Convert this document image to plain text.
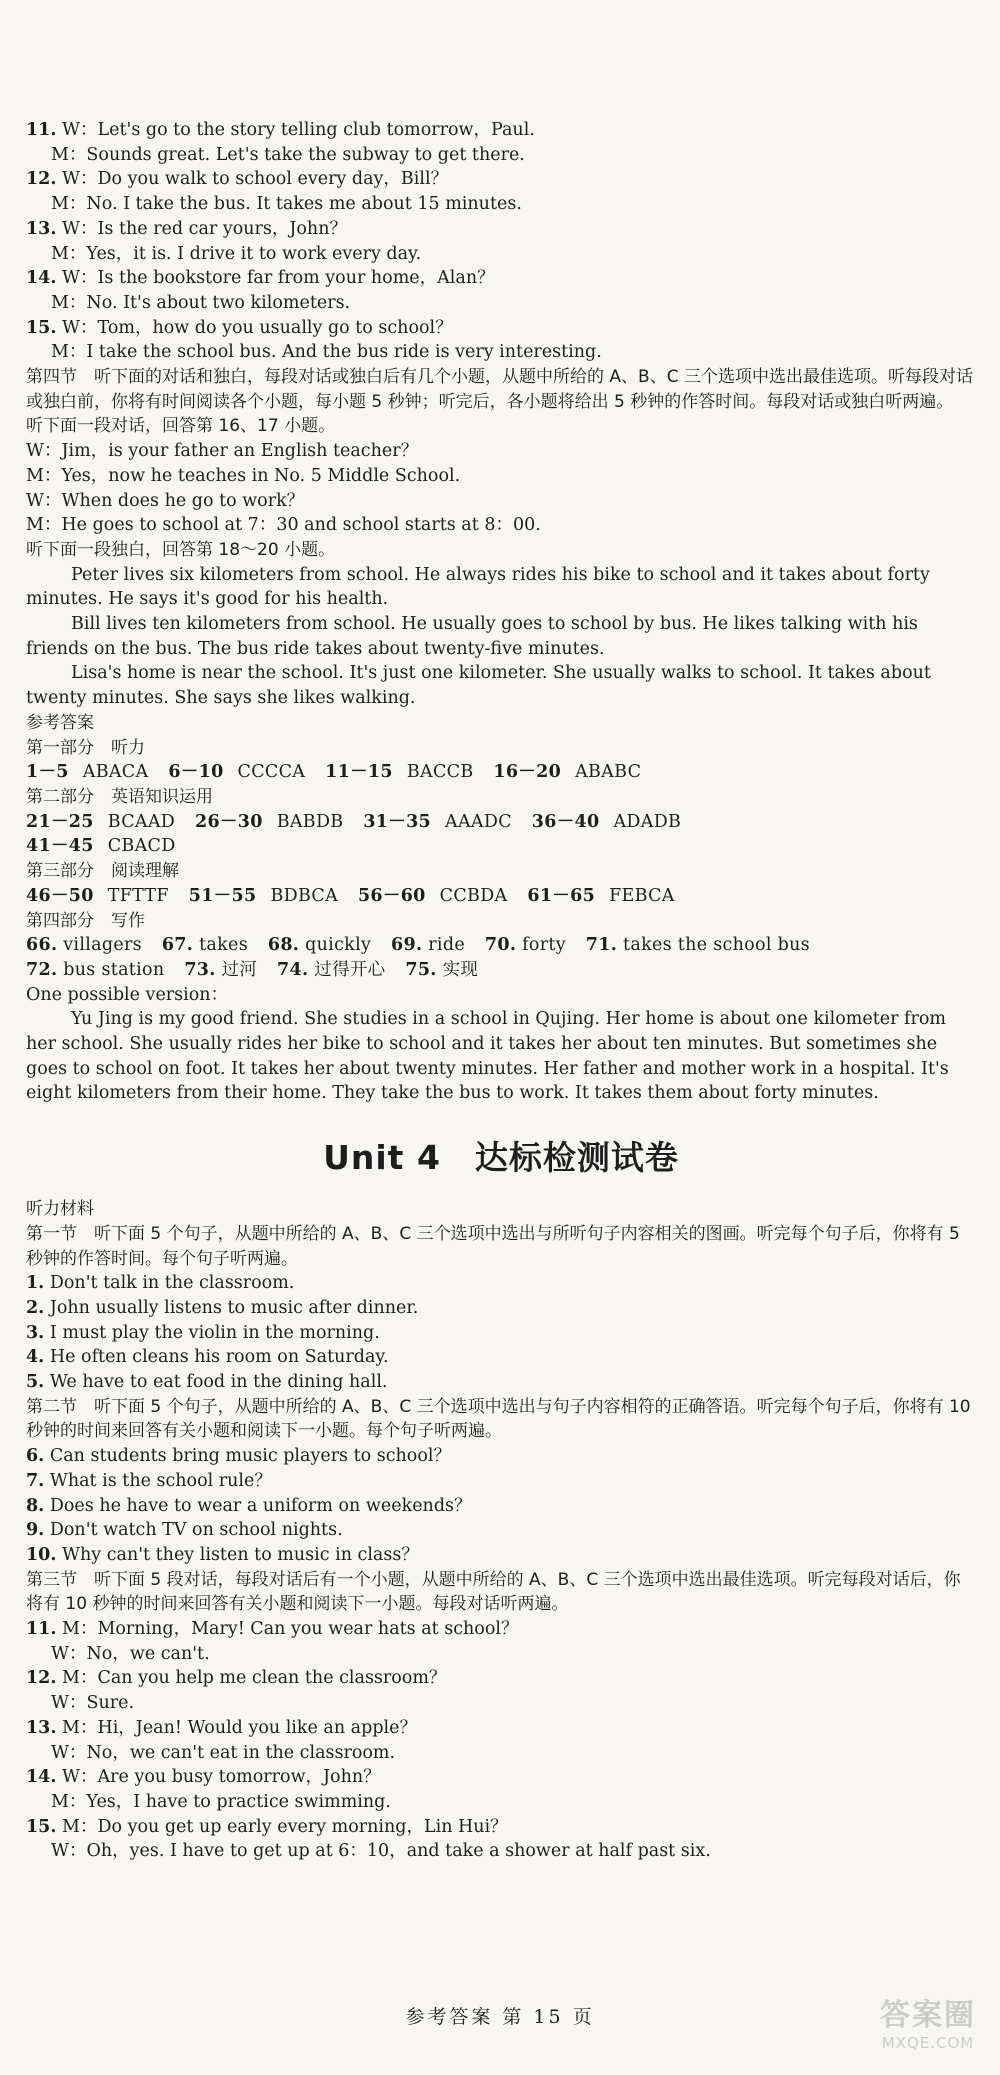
11. W：Let's go to the story telling club tomorrow，Paul.
M：Sounds great. Let's take the subway to get there.
12. W：Do you walk to school every day，Bill？
M：No. I take the bus. It takes me about 15 minutes.
13. W：Is the red car yours，John？
M：Yes，it is. I drive it to work every day.
14. W：Is the bookstore far from your home，Alan？
M：No. It's about two kilometers.
15. W：Tom，how do you usually go to school？
M：I take the school bus. And the bus ride is very interesting.
第四节　 听下面的对话和独白，每段对话或独白后有几个小题，从题中所给的 A、B、C 三个选项中选出最佳选项。听每段对话或独白前，你将有时间阅读各个小题，每小题 5 秒钟；听完后，各小题将给出 5 秒钟的作答时间。每段对话或独白听两遍。
听下面一段对话，回答第 16、17 小题。
W：Jim，is your father an English teacher？
M：Yes，now he teaches in No. 5 Middle School.
W：When does he go to work？
M：He goes to school at 7：30 and school starts at 8：00.
听下面一段独白，回答第 18～20 小题。
Peter lives six kilometers from school. He always rides his bike to school and it takes about forty minutes. He says it's good for his health.
Bill lives ten kilometers from school. He usually goes to school by bus. He likes talking with his friends on the bus. The bus ride takes about twenty-five minutes.
Lisa's home is near the school. It's just one kilometer. She usually walks to school. It takes about twenty minutes. She says she likes walking.
参考答案
第一部分　 听力
1－5 ABACA 6－10 CCCCA 11－15 BACCB 16－20 ABABC
第二部分　 英语知识运用
21－25 BCAAD 26－30 BABDB 31－35 AAADC 36－40 ADADB
41－45 CBACD
第三部分　 阅读理解
46－50 TFTTF 51－55 BDBCA 56－60 CCBDA 61－65 FEBCA
第四部分　 写作
66. villagers 67. takes 68. quickly 69. ride 70. forty 71. takes the school bus
72. bus station 73. 过河 74. 过得开心 75. 实现
One possible version：
Yu Jing is my good friend. She studies in a school in Qujing. Her home is about one kilometer from her school. She usually rides her bike to school and it takes her about ten minutes. But sometimes she goes to school on foot. It takes her about twenty minutes. Her father and mother work in a hospital. It's eight kilometers from their home. They take the bus to work. It takes them about forty minutes.
Unit 4 达标检测试卷
听力材料
第一节　 听下面 5 个句子，从题中所给的 A、B、C 三个选项中选出与所听句子内容相关的图画。听完每个句子后，你将有 5 秒钟的作答时间。每个句子听两遍。
1. Don't talk in the classroom.
2. John usually listens to music after dinner.
3. I must play the violin in the morning.
4. He often cleans his room on Saturday.
5. We have to eat food in the dining hall.
第二节　 听下面 5 个句子，从题中所给的 A、B、C 三个选项中选出与句子内容相符的正确答语。听完每个句子后，你将有 10 秒钟的时间来回答有关小题和阅读下一小题。每个句子听两遍。
6. Can students bring music players to school？
7. What is the school rule？
8. Does he have to wear a uniform on weekends？
9. Don't watch TV on school nights.
10. Why can't they listen to music in class？
第三节　 听下面 5 段对话，每段对话后有一个小题，从题中所给的 A、B、C 三个选项中选出最佳选项。听完每段对话后，你将有 10 秒钟的时间来回答有关小题和阅读下一小题。每段对话听两遍。
11. M：Morning，Mary! Can you wear hats at school？
W：No，we can't.
12. M：Can you help me clean the classroom？
W：Sure.
13. M：Hi，Jean! Would you like an apple？
W：No，we can't eat in the classroom.
14. W：Are you busy tomorrow，John？
M：Yes，I have to practice swimming.
15. M：Do you get up early every morning，Lin Hui？
W：Oh，yes. I have to get up at 6：10，and take a shower at half past six.
参考答案 第 15 页	答案圈
MXQE.COM
